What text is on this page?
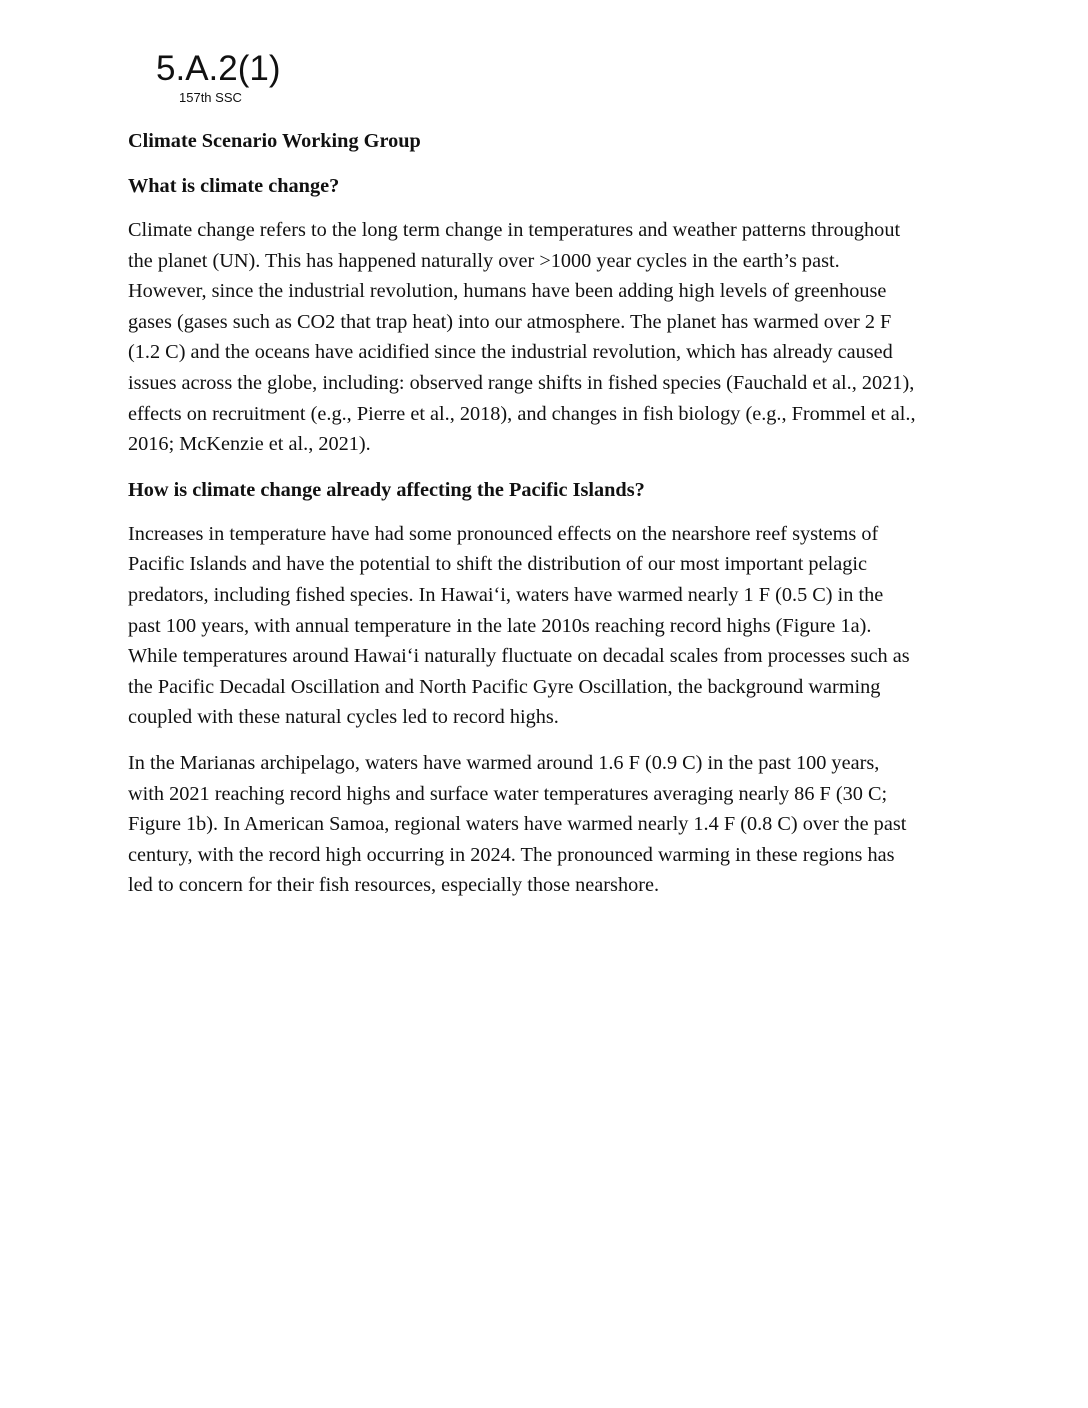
5.A.2(1)
157th SSC

Climate Scenario Working Group

What is climate change?

Climate change refers to the long term change in temperatures and weather patterns throughout
the planet (UN). This has happened naturally over >1000 year cycles in the earth’s past.
However, since the industrial revolution, humans have been adding high levels of greenhouse
gases (gases such as CO2 that trap heat) into our atmosphere. The planet has warmed over 2 F
(1.2 C) and the oceans have acidified since the industrial revolution, which has already caused
issues across the globe, including: observed range shifts in fished species (Fauchald et al., 2021),
effects on recruitment (e.g., Pierre et al., 2018), and changes in fish biology (e.g., Frommel et al.,
2016; McKenzie et al., 2021).

How is climate change already affecting the Pacific Islands?

Increases in temperature have had some pronounced effects on the nearshore reef systems of
Pacific Islands and have the potential to shift the distribution of our most important pelagic
predators, including fished species. In Hawai‘i, waters have warmed nearly 1 F (0.5 C) in the
past 100 years, with annual temperature in the late 2010s reaching record highs (Figure 1a).
While temperatures around Hawai‘i naturally fluctuate on decadal scales from processes such as
the Pacific Decadal Oscillation and North Pacific Gyre Oscillation, the background warming
coupled with these natural cycles led to record highs.

In the Marianas archipelago, waters have warmed around 1.6 F (0.9 C) in the past 100 years,
with 2021 reaching record highs and surface water temperatures averaging nearly 86 F (30 C;
Figure 1b). In American Samoa, regional waters have warmed nearly 1.4 F (0.8 C) over the past
century, with the record high occurring in 2024. The pronounced warming in these regions has
led to concern for their fish resources, especially those nearshore.
